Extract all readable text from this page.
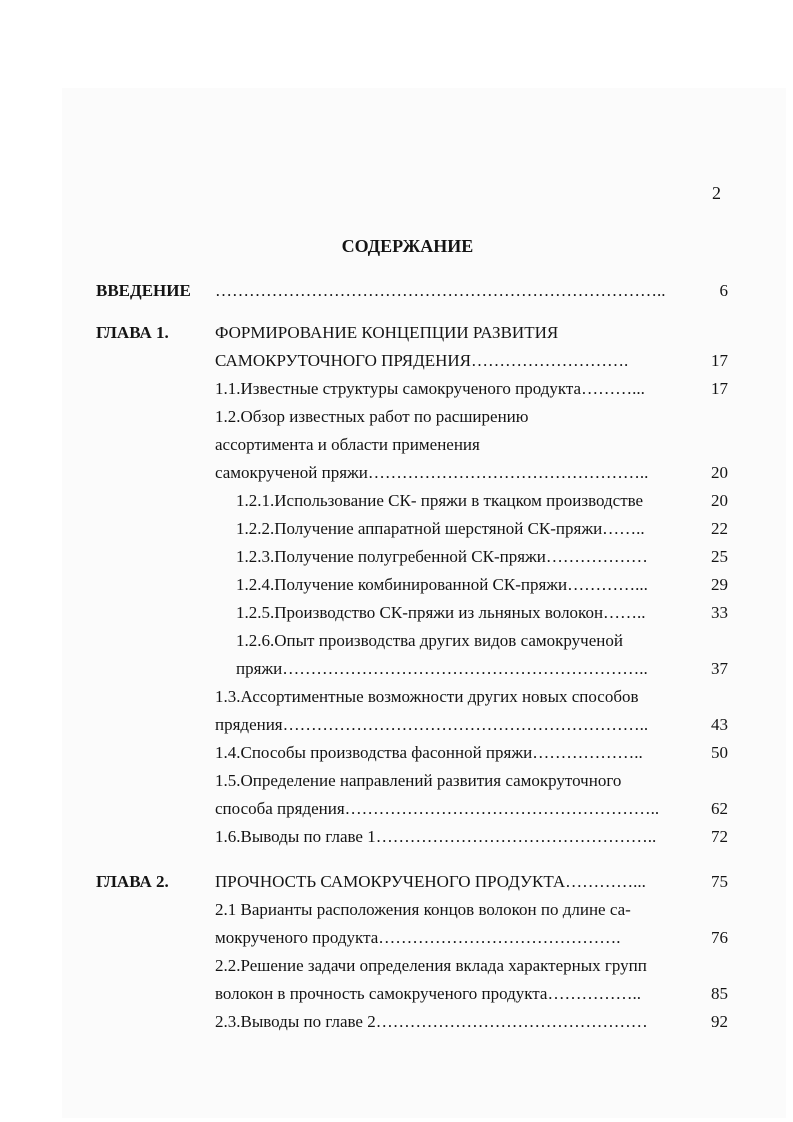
2
СОДЕРЖАНИЕ
ВВЕДЕНИЕ ……………………………………………………………………..	6
ГЛАВА 1.	ФОРМИРОВАНИЕ КОНЦЕПЦИИ РАЗВИТИЯ
САМОКРУТОЧНОГО ПРЯДЕНИЯ……………………….	17
1.1.Известные структуры самокрученого продукта………...	17
1.2.Обзор известных работ по расширению
ассортимента и области применения
самокрученой пряжи…………………………………………..	20
1.2.1.Использование СК- пряжи в ткацком производстве	20
1.2.2.Получение аппаратной шерстяной СК-пряжи……..	22
1.2.3.Получение полугребенной СК-пряжи………………	25
1.2.4.Получение комбинированной СК-пряжи…………...	29
1.2.5.Производство СК-пряжи из льняных волокон……..	33
1.2.6.Опыт производства других видов самокрученой
пряжи………………………………………………………..	37
1.3.Ассортиментные возможности других новых способов
прядения………………………………………………………..	43
1.4.Способы производства фасонной пряжи………………..	50
1.5.Определение направлений развития самокруточного
способа прядения………………………………………………..	62
1.6.Выводы по главе 1…………………………………………..	72
ГЛАВА 2.	ПРОЧНОСТЬ САМОКРУЧЕНОГО ПРОДУКТА…………...	75
2.1 Варианты расположения концов волокон по длине са-
мокрученого продукта…………………………………….	76
2.2.Решение задачи определения вклада характерных групп
волокон в прочность самокрученого продукта……………..	85
2.3.Выводы по главе 2…………………………………………	92
